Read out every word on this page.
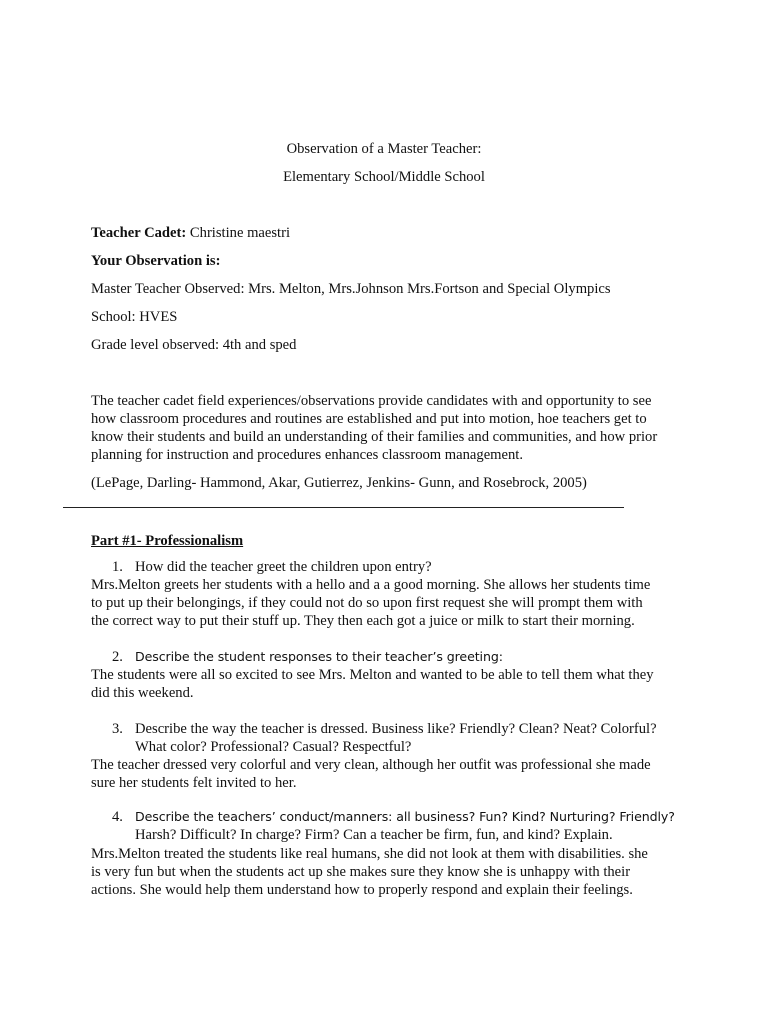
Observation of a Master Teacher:
Elementary School/Middle School
Teacher Cadet: Christine maestri
Your Observation is:
Master Teacher Observed: Mrs. Melton, Mrs.Johnson Mrs.Fortson and Special Olympics
School: HVES
Grade level observed: 4th and sped

The teacher cadet field experiences/observations provide candidates with and opportunity to see

how classroom procedures and routines are established and put into motion, hoe teachers get to

know their students and build an understanding of their families and communities, and how prior

planning for instruction and procedures enhances classroom management.

(LePage, Darling- Hammond, Akar, Gutierrez, Jenkins- Gunn, and Rosebrock, 2005)
Part #1- Professionalism
1. How did the teacher greet the children upon entry?

Mrs.Melton greets her students with a hello and a a good morning. She allows her students time

to put up their belongings, if they could not do so upon first request she will prompt them with

the correct way to put their stuff up. They then each got a juice or milk to start their morning.

2. Describe the student responses to their teacher’s greeting:

The students were all so excited to see Mrs. Melton and wanted to be able to tell them what they

did this weekend.

3. Describe the way the teacher is dressed. Business like? Friendly? Clean? Neat? Colorful?
What color? Professional? Casual? Respectful?

The teacher dressed very colorful and very clean, although her outfit was professional she made

sure her students felt invited to her.

4. Describe the teachers’ conduct/manners: all business? Fun? Kind? Nurturing? Friendly?
Harsh? Difficult? In charge? Firm? Can a teacher be firm, fun, and kind? Explain.

Mrs.Melton treated the students like real humans, she did not look at them with disabilities. she

is very fun but when the students act up she makes sure they know she is unhappy with their

actions. She would help them understand how to properly respond and explain their feelings.
